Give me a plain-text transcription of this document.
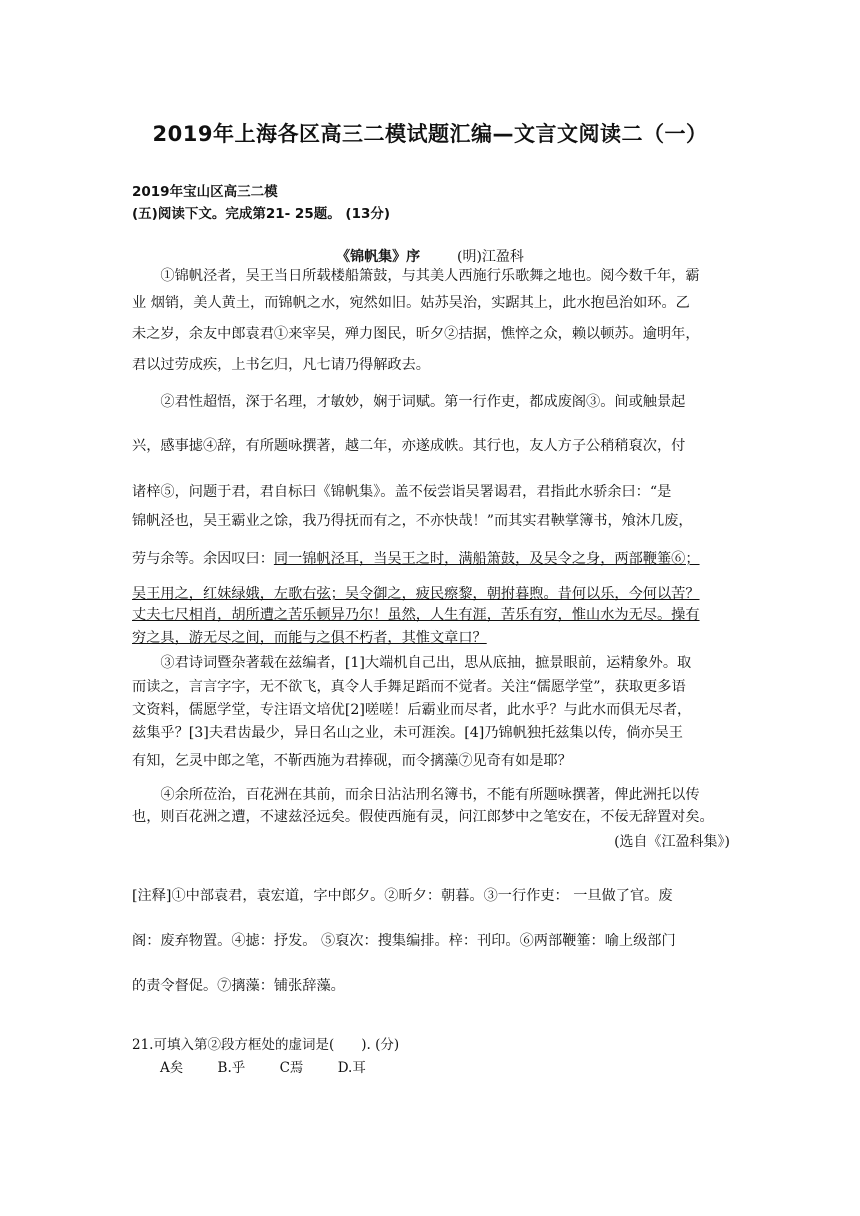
2019年上海各区高三二模试题汇编—文言文阅读二（一）
2019年宝山区高三二模
(五)阅读下文。完成第21- 25题。 (13分)
《锦帆集》序	(明)江盈科
　　①锦帆泾者，吴王当日所载楼船箫鼓，与其美人西施行乐歌舞之地也。阅今数千年，霸
业 烟销，美人黄土，而锦帆之水，宛然如旧。姑苏吴治，实踞其上，此水抱邑治如环。乙
未之岁，余友中郎袁君①来宰吴，殚力图民，昕夕②拮据，憔悴之众，赖以顿苏。逾明年，
君以过劳成疾，上书乞归，凡七请乃得解政去。
　　②君性超悟，深于名理，才敏妙，娴于词赋。第一行作吏，都成废阁③。间或触景起
兴，感事摅④辞，有所题咏撰著，越二年，亦遂成帙。其行也，友人方子公稍稍裒次，付
诸梓⑤，问题于君，君自标曰《锦帆集》。盖不佞尝诣吴署谒君，君指此水骄余曰：“是
锦帆泾也，吴王霸业之馀，我乃得抚而有之，不亦快哉！”而其实君鞅掌簿书，飧沐几废，
劳与余等。余因叹曰：同一锦帆泾耳，当吴王之时，满船箫鼓，及吴令之身，两部鞭箠⑥；
吴王用之，红妹绿娥，左歌右弦；吴令御之，疲民瘵黎，朝拊暮煦。昔何以乐，今何以苦？
丈夫七尺相肖，胡所遭之苦乐顿异乃尔！虽然，人生有涯，苦乐有穷，惟山水为无尽。操有
穷之具，游无尽之间，而能与之俱不朽者，其惟文章口？
　　③君诗词暨杂著载在兹编者，[1]大端机自己出，思从底抽，摭景眼前，运精象外。取
而读之，言言字字，无不欲飞，真令人手舞足蹈而不觉者。关注“儒愿学堂”，获取更多语
文资料，儒愿学堂，专注语文培优[2]嗟嗟！后霸业而尽者，此水乎？与此水而俱无尽者，
兹集乎？[3]夫君齿最少，异日名山之业，未可涯涘。[4]乃锦帆独托兹集以传，倘亦吴王
有知，乞灵中郎之笔，不靳西施为君捧砚，而令摛藻⑦见奇有如是耶？
　　④余所莅治，百花洲在其前，而余日沾沾刑名簿书，不能有所题咏撰著，俾此洲托以传
也，则百花洲之遭，不逮兹泾远矣。假使西施有灵，问江郎梦中之笔安在，不佞无辞置对矣。
(选自《江盈科集》)
[注释]①中部袁君，袁宏道，字中郎夕。②昕夕：朝暮。③一行作吏： 一旦做了官。废
阁：废弃物置。④摅：抒发。 ⑤裒次：搜集编排。梓：刊印。⑥两部鞭箠：喻上级部门
的责令督促。⑦摛藻：铺张辞藻。
21.可填入第②段方框处的虚词是(　　). (分)
A矣	B.乎	C焉	D.耳
